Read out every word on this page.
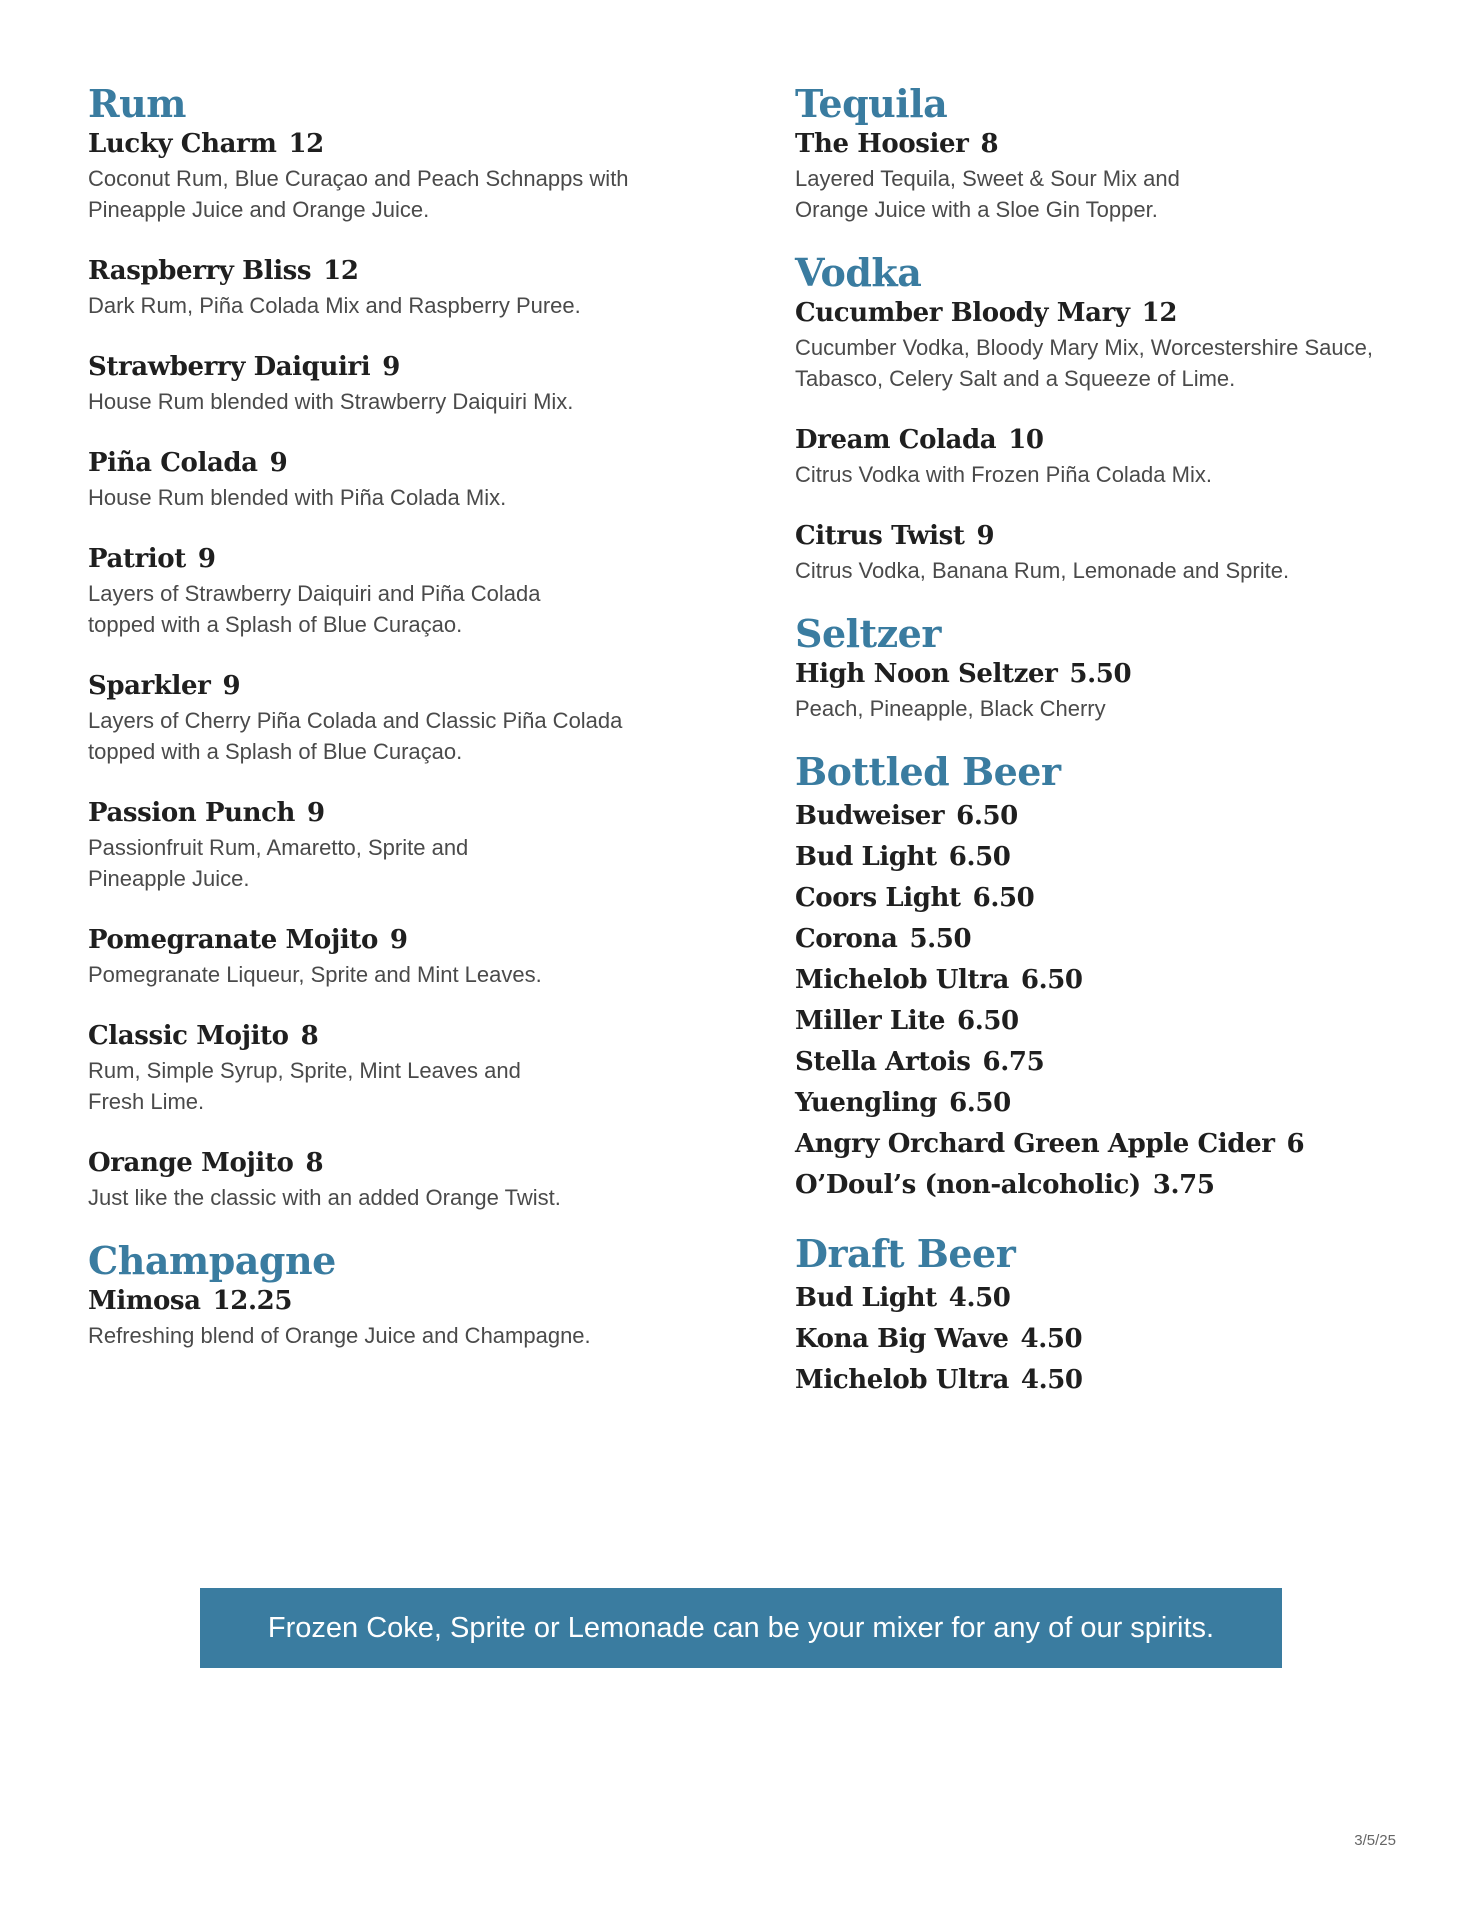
Rum
Lucky Charm 12
Coconut Rum, Blue Curaçao and Peach Schnapps with
Pineapple Juice and Orange Juice.
Raspberry Bliss 12
Dark Rum, Piña Colada Mix and Raspberry Puree.
Strawberry Daiquiri 9
House Rum blended with Strawberry Daiquiri Mix.
Piña Colada 9
House Rum blended with Piña Colada Mix.
Patriot 9
Layers of Strawberry Daiquiri and Piña Colada
topped with a Splash of Blue Curaçao.
Sparkler 9
Layers of Cherry Piña Colada and Classic Piña Colada
topped with a Splash of Blue Curaçao.
Passion Punch 9
Passionfruit Rum, Amaretto, Sprite and
Pineapple Juice.
Pomegranate Mojito 9
Pomegranate Liqueur, Sprite and Mint Leaves.
Classic Mojito 8
Rum, Simple Syrup, Sprite, Mint Leaves and
Fresh Lime.
Orange Mojito 8
Just like the classic with an added Orange Twist.
Champagne
Mimosa 12.25
Refreshing blend of Orange Juice and Champagne.
Tequila
The Hoosier 8
Layered Tequila, Sweet & Sour Mix and
Orange Juice with a Sloe Gin Topper.
Vodka
Cucumber Bloody Mary 12
Cucumber Vodka, Bloody Mary Mix, Worcestershire Sauce,
Tabasco, Celery Salt and a Squeeze of Lime.
Dream Colada 10
Citrus Vodka with Frozen Piña Colada Mix.
Citrus Twist 9
Citrus Vodka, Banana Rum, Lemonade and Sprite.
Seltzer
High Noon Seltzer 5.50
Peach, Pineapple, Black Cherry
Bottled Beer
Budweiser 6.50
Bud Light 6.50
Coors Light 6.50
Corona 5.50
Michelob Ultra 6.50
Miller Lite 6.50
Stella Artois 6.75
Yuengling 6.50
Angry Orchard Green Apple Cider 6
O’Doul’s (non-alcoholic) 3.75
Draft Beer
Bud Light 4.50
Kona Big Wave 4.50
Michelob Ultra 4.50
Frozen Coke, Sprite or Lemonade can be your mixer for any of our spirits.
3/5/25
